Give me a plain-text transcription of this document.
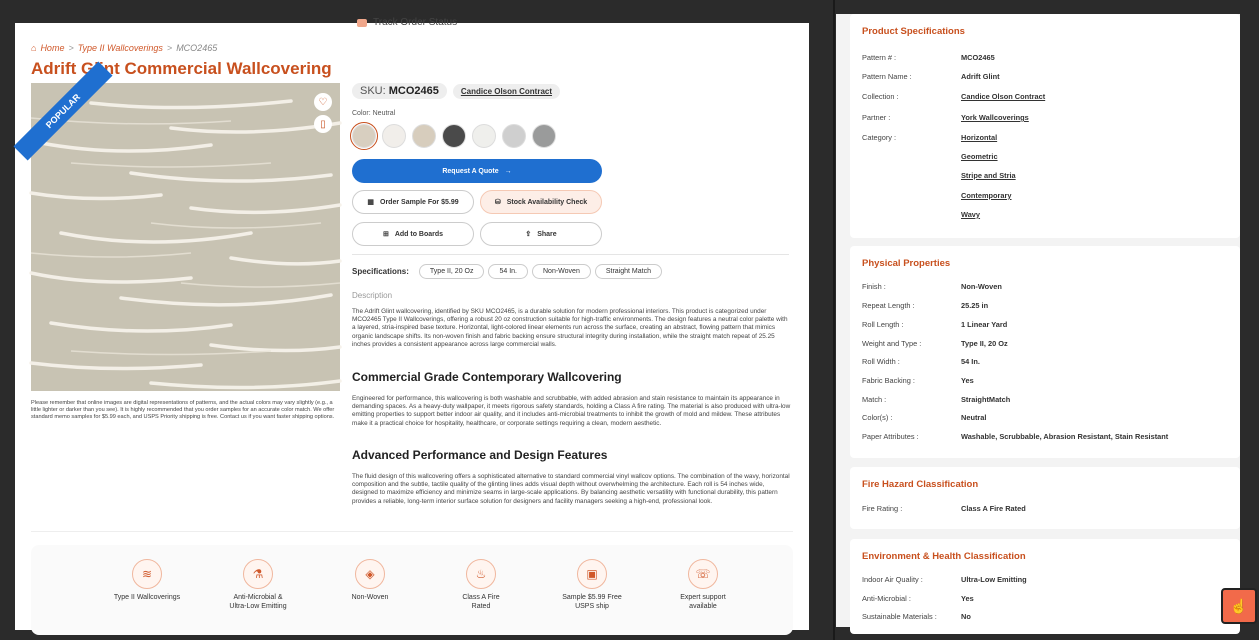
Track Order Status
⌂ Home > Type II Wallcoverings > MCO2465
Adrift Glint Commercial Wallcovering
POPULAR	♡
▯
Please remember that online images are digital representations of patterns, and the actual colors may vary slightly (e.g., a little lighter or darker than you see). It is highly recommended that you order samples for an accurate color match. We offer standard memo samples for $5.99 each, and USPS Priority shipping is free. Contact us if you want faster shipping options.
SKU: MCO2465	Candice Olson Contract
Color: Neutral
Request A Quote →
▦ Order Sample For $5.99	⛁ Stock Availability Check
⊞ Add to Boards	⇪ Share
Specifications:	Type II, 20 Oz	54 In.	Non-Woven	Straight Match
Description
The Adrift Glint wallcovering, identified by SKU MCO2465, is a durable solution for modern professional interiors. This product is categorized under MCO2465 Type II Wallcoverings, offering a robust 20 oz construction suitable for high-traffic environments. The design features a neutral color palette with a layered, stria-inspired base texture. Horizontal, light-colored linear elements run across the surface, creating an abstract, flowing pattern that mimics organic landscape shifts. Its non-woven finish and fabric backing ensure structural integrity during installation, while the straight match repeat of 25.25 inches provides a consistent appearance across large commercial walls.
Commercial Grade Contemporary Wallcovering
Engineered for performance, this wallcovering is both washable and scrubbable, with added abrasion and stain resistance to maintain its appearance in demanding spaces. As a heavy-duty wallpaper, it meets rigorous safety standards, holding a Class A fire rating. The material is also produced with ultra-low emitting properties to support better indoor air quality, and it includes anti-microbial treatments to inhibit the growth of mold and mildew. These attributes make it a practical choice for hospitality, healthcare, or corporate settings requiring a clean, modern aesthetic.
Advanced Performance and Design Features
The fluid design of this wallcovering offers a sophisticated alternative to standard commercial vinyl wallcov options. The combination of the wavy, horizontal composition and the subtle, tactile quality of the glinting lines adds visual depth without overwhelming the architecture. Each roll is 54 inches wide, designed to maximize efficiency and minimize seams in large-scale applications. By balancing aesthetic versatility with functional durability, this pattern provides a reliable, long-term interior surface solution for designers and facility managers seeking a high-end, professional look.
≋
Type II Wallcoverings
⚗
Anti-Microbial & Ultra-Low Emitting
◈
Non-Woven
♨
Class A Fire Rated
▣
Sample $5.99 Free USPS ship
☏
Expert support available
Product Specifications
Pattern # :	MCO2465
Pattern Name :	Adrift Glint
Collection :	Candice Olson Contract
Partner :	York Wallcoverings
Category :	Horizontal
Geometric
Stripe and Stria
Contemporary
Wavy
Physical Properties
Finish :	Non-Woven
Repeat Length :	25.25 in
Roll Length :	1 Linear Yard
Weight and Type :	Type II, 20 Oz
Roll Width :	54 In.
Fabric Backing :	Yes
Match :	StraightMatch
Color(s) :	Neutral
Paper Attributes :	Washable, Scrubbable, Abrasion Resistant, Stain Resistant
Fire Hazard Classification
Fire Rating :	Class A Fire Rated
Environment & Health Classification
Indoor Air Quality :	Ultra-Low Emitting
Anti-Microbial :	Yes
Sustainable Materials :	No
☝
